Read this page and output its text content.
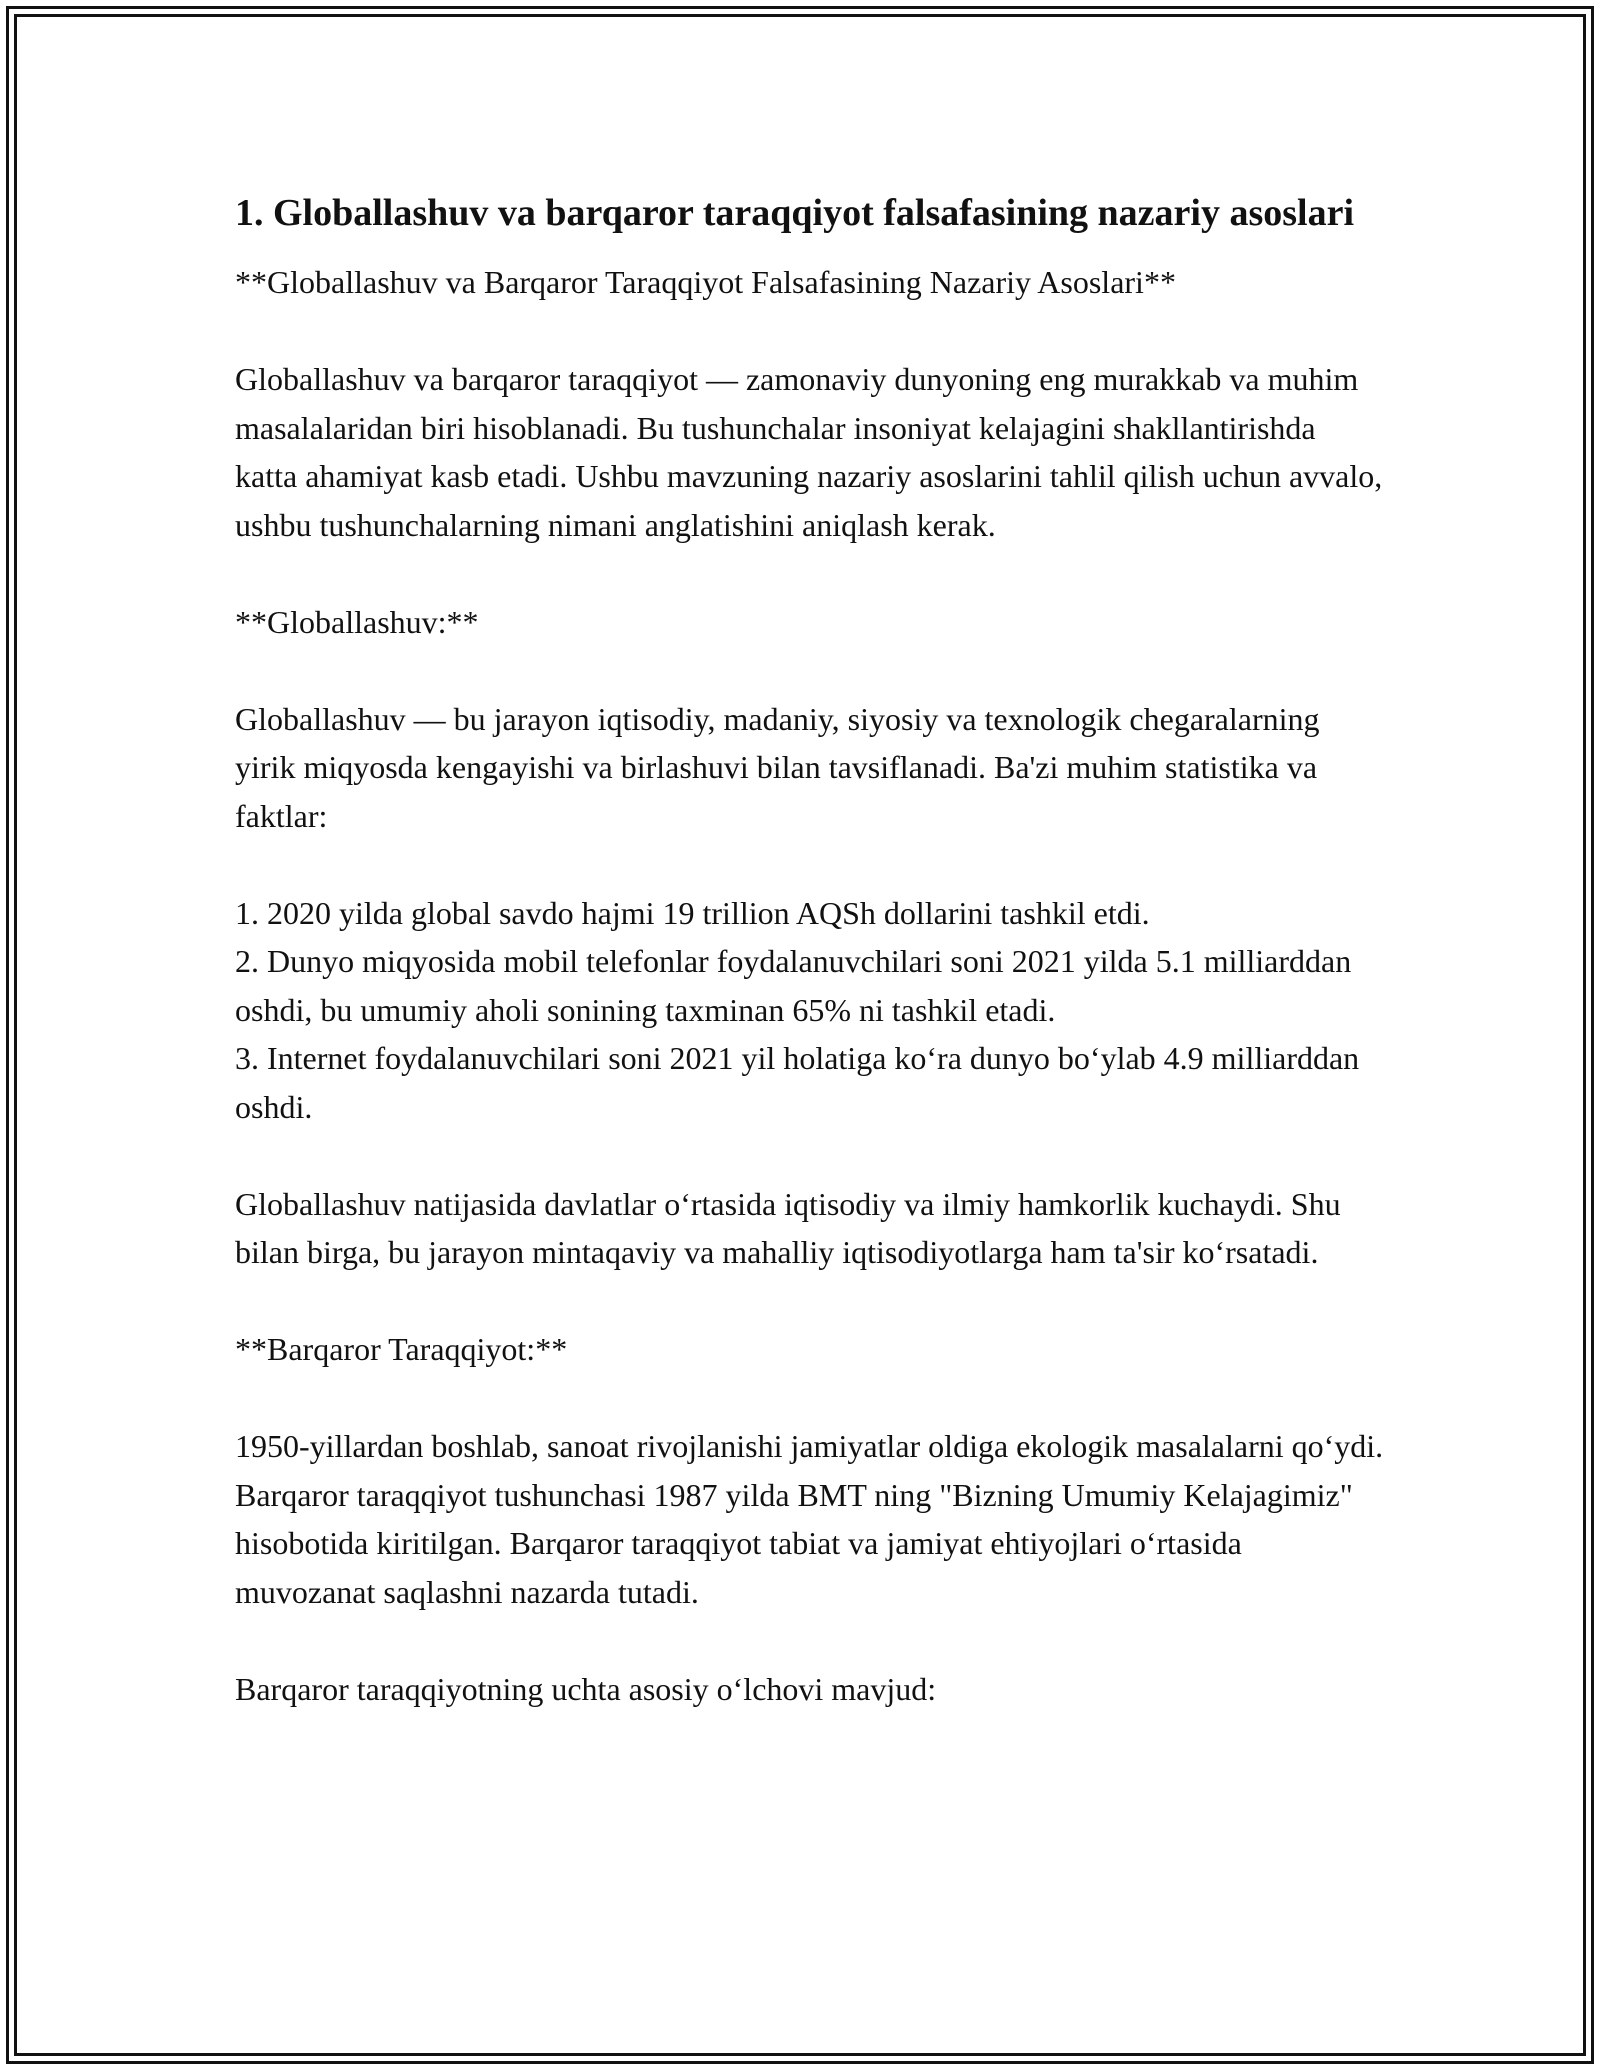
1. Globallashuv va barqaror taraqqiyot falsafasining nazariy asoslari

**Globallashuv va Barqaror Taraqqiyot Falsafasining Nazariy Asoslari**

Globallashuv va barqaror taraqqiyot — zamonaviy dunyoning eng murakkab va muhim masalalaridan biri hisoblanadi. Bu tushunchalar insoniyat kelajagini shakllantirishda katta ahamiyat kasb etadi. Ushbu mavzuning nazariy asoslarini tahlil qilish uchun avvalo, ushbu tushunchalarning nimani anglatishini aniqlash kerak.

**Globallashuv:**

Globallashuv — bu jarayon iqtisodiy, madaniy, siyosiy va texnologik chegaralarning yirik miqyosda kengayishi va birlashuvi bilan tavsiflanadi. Ba'zi muhim statistika va faktlar:

1. 2020 yilda global savdo hajmi 19 trillion AQSh dollarini tashkil etdi.
2. Dunyo miqyosida mobil telefonlar foydalanuvchilari soni 2021 yilda 5.1 milliarddan oshdi, bu umumiy aholi sonining taxminan 65% ni tashkil etadi.
3. Internet foydalanuvchilari soni 2021 yil holatiga ko‘ra dunyo bo‘ylab 4.9 milliarddan oshdi.

Globallashuv natijasida davlatlar o‘rtasida iqtisodiy va ilmiy hamkorlik kuchaydi. Shu bilan birga, bu jarayon mintaqaviy va mahalliy iqtisodiyotlarga ham ta'sir ko‘rsatadi.

**Barqaror Taraqqiyot:**

1950-yillardan boshlab, sanoat rivojlanishi jamiyatlar oldiga ekologik masalalarni qo‘ydi. Barqaror taraqqiyot tushunchasi 1987 yilda BMT ning "Bizning Umumiy Kelajagimiz" hisobotida kiritilgan. Barqaror taraqqiyot tabiat va jamiyat ehtiyojlari o‘rtasida muvozanat saqlashni nazarda tutadi.

Barqaror taraqqiyotning uchta asosiy o‘lchovi mavjud:
